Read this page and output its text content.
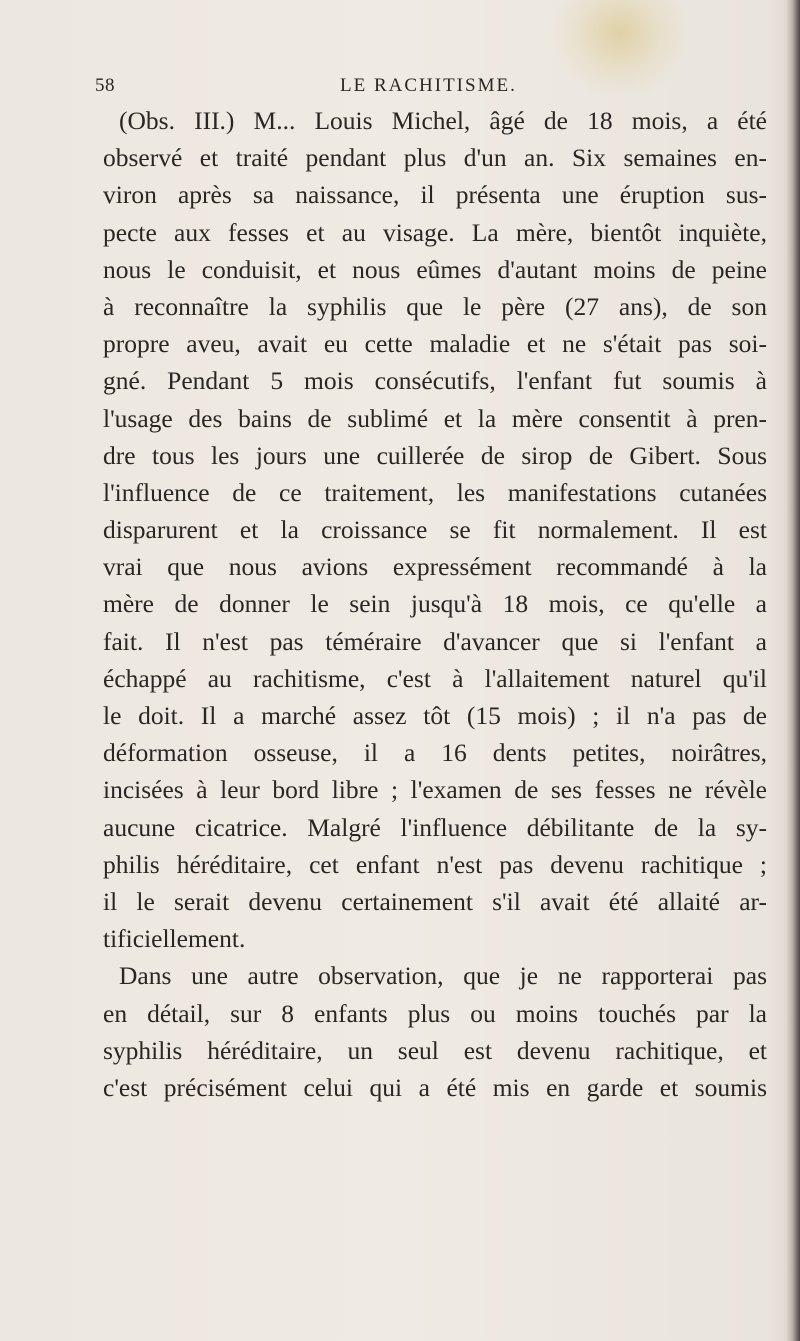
58	LE RACHITISME.
(Obs. III.) M... Louis Michel, âgé de 18 mois, a été
observé et traité pendant plus d'un an. Six semaines en-
viron après sa naissance, il présenta une éruption sus-
pecte aux fesses et au visage. La mère, bientôt inquiète,
nous le conduisit, et nous eûmes d'autant moins de peine
à reconnaître la syphilis que le père (27 ans), de son
propre aveu, avait eu cette maladie et ne s'était pas soi-
gné. Pendant 5 mois consécutifs, l'enfant fut soumis à
l'usage des bains de sublimé et la mère consentit à pren-
dre tous les jours une cuillerée de sirop de Gibert. Sous
l'influence de ce traitement, les manifestations cutanées
disparurent et la croissance se fit normalement. Il est
vrai que nous avions expressément recommandé à la
mère de donner le sein jusqu'à 18 mois, ce qu'elle a
fait. Il n'est pas téméraire d'avancer que si l'enfant a
échappé au rachitisme, c'est à l'allaitement naturel qu'il
le doit. Il a marché assez tôt (15 mois) ; il n'a pas de
déformation osseuse, il a 16 dents petites, noirâtres,
incisées à leur bord libre ; l'examen de ses fesses ne révèle
aucune cicatrice. Malgré l'influence débilitante de la sy-
philis héréditaire, cet enfant n'est pas devenu rachitique ;
il le serait devenu certainement s'il avait été allaité ar-
tificiellement.
Dans une autre observation, que je ne rapporterai pas
en détail, sur 8 enfants plus ou moins touchés par la
syphilis héréditaire, un seul est devenu rachitique, et
c'est précisément celui qui a été mis en garde et soumis
